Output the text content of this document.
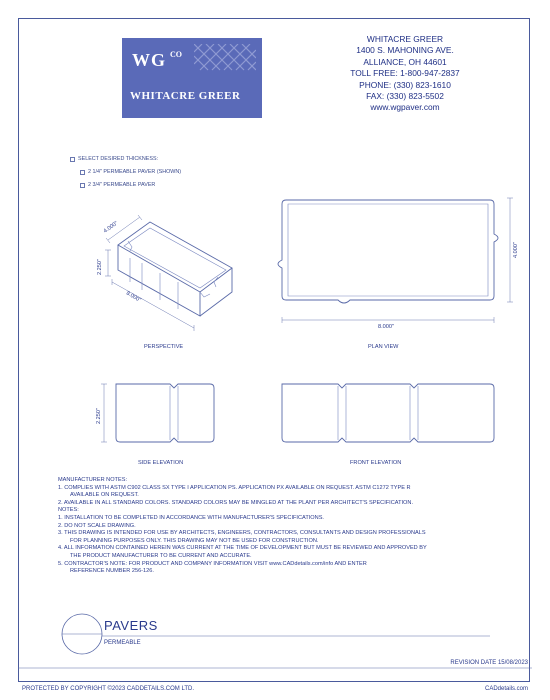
WG CO
WHITACRE GREER
WHITACRE GREER
1400 S. MAHONING AVE.
ALLIANCE, OH 44601
TOLL FREE: 1-800-947-2837
PHONE: (330) 823-1610
FAX: (330) 823-5502
www.wgpaver.com
SELECT DESIRED THICKNESS:
2 1/4" PERMEABLE PAVER (SHOWN)
2 3/4" PERMEABLE PAVER
4.000"
2.250"
8.000"
4.000"
8.000"
2.250"
PERSPECTIVE	PLAN VIEW
SIDE ELEVATION	FRONT ELEVATION
MANUFACTURER NOTES:
1. COMPLIES WITH ASTM C902 CLASS SX TYPE I APPLICATION PS. APPLICATION PX AVAILABLE ON REQUEST. ASTM C1272 TYPE R
AVAILABLE ON REQUEST.
2. AVAILABLE IN ALL STANDARD COLORS. STANDARD COLORS MAY BE MINGLED AT THE PLANT PER ARCHITECT'S SPECIFICATION.
NOTES:
1. INSTALLATION TO BE COMPLETED IN ACCORDANCE WITH MANUFACTURER'S SPECIFICATIONS.
2. DO NOT SCALE DRAWING.
3. THIS DRAWING IS INTENDED FOR USE BY ARCHITECTS, ENGINEERS, CONTRACTORS, CONSULTANTS AND DESIGN PROFESSIONALS
FOR PLANNING PURPOSES ONLY. THIS DRAWING MAY NOT BE USED FOR CONSTRUCTION.
4. ALL INFORMATION CONTAINED HEREIN WAS CURRENT AT THE TIME OF DEVELOPMENT BUT MUST BE REVIEWED AND APPROVED BY
THE PRODUCT MANUFACTURER TO BE CURRENT AND ACCURATE.
5. CONTRACTOR'S NOTE: FOR PRODUCT AND COMPANY INFORMATION VISIT www.CADdetails.com/info AND ENTER
REFERENCE NUMBER 256-126.
PAVERS
PERMEABLE
REVISION DATE 15/08/2023
PROTECTED BY COPYRIGHT ©2023 CADDETAILS.COM LTD.	CADdetails.com
